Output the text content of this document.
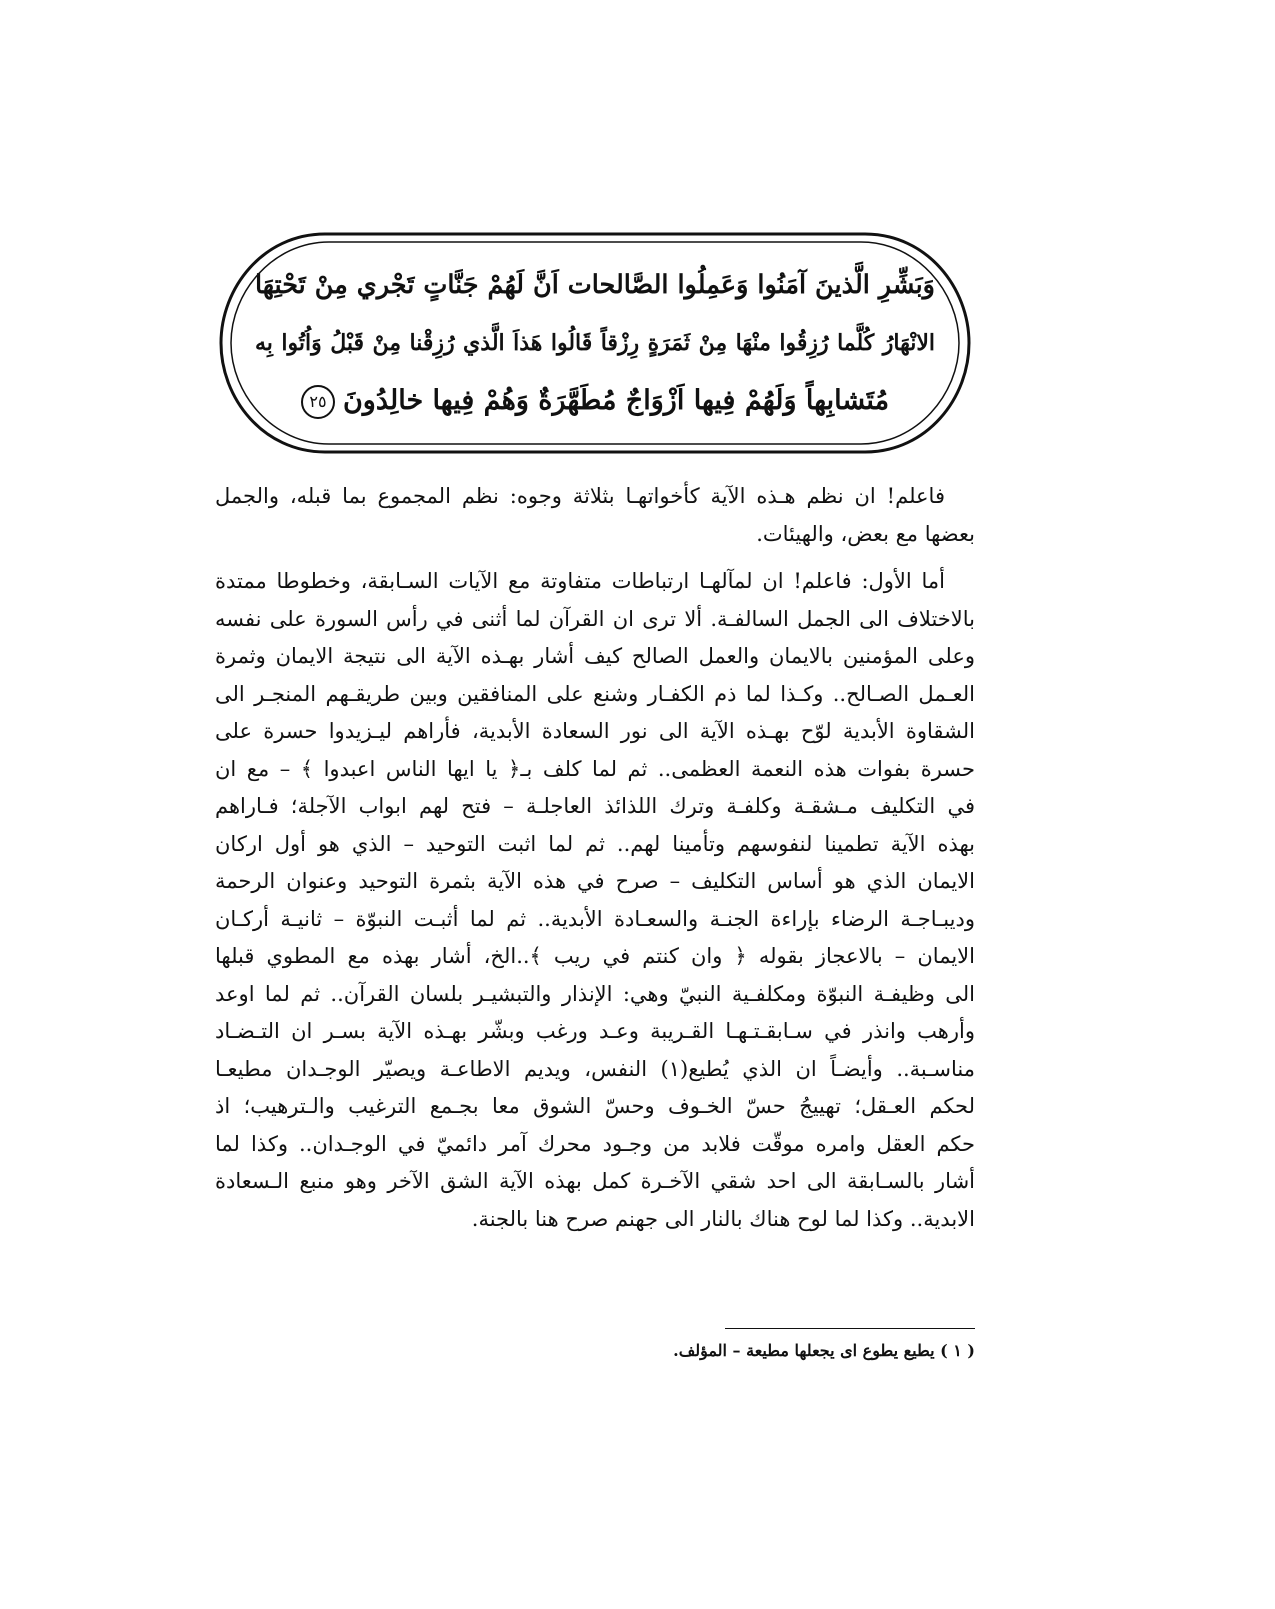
وَبَشِّرِ الَّذينَ آمَنُوا وَعَمِلُوا الصَّالحات اَنَّ لَهُمْ جَنَّاتٍ تَجْري مِنْ تَحْتِهَا
الانْهَارُ كُلَّما رُزِقُوا منْهَا مِنْ ثَمَرَةٍ رِزْقاً قَالُوا هَذاَ الَّذي رُزِقْنا مِنْ قَبْلُ وَاُتُوا بِه
مُتَشابِهاً وَلَهُمْ فِيها اَزْوَاجٌ مُطَهَّرَةٌ وَهُمْ فِيها خالِدُونَ٢٥
فاعلم! ان نظم هـذه الآية كأخواتهـا بثلاثة وجوه: نظم المجموع بما قبله، والجمل
بعضها مع بعض، والهيئات.
أما الأول: فاعلم! ان لمآلهـا ارتباطات متفاوتة مع الآيات السـابقة، وخطوطا ممتدة
بالاختلاف الى الجمل السالفـة. ألا ترى ان القرآن لما أثنى في رأس السورة على نفسه
وعلى المؤمنين بالايمان والعمل الصالح كيف أشار بهـذه الآية الى نتيجة الايمان وثمرة
العـمل الصـالح.. وكـذا لما ذم الكفـار وشنع على المنافقين وبين طريقـهم المنجـر الى
الشقاوة الأبدية لوّح بهـذه الآية الى نور السعادة الأبدية، فأراهم ليـزيدوا حسرة على
حسرة بفوات هذه النعمة العظمى.. ثم لما كلف بـ﴿ يا ايها الناس اعبدوا ﴾ – مع ان
في التكليف مـشقـة وكلفـة وترك اللذائذ العاجلـة – فتح لهم ابواب الآجلة؛ فـاراهم
بهذه الآية تطمينا لنفوسهم وتأمينا لهم.. ثم لما اثبت التوحيد – الذي هو أول اركان
الايمان الذي هو أساس التكليف – صرح في هذه الآية بثمرة التوحيد وعنوان الرحمة
وديبـاجـة الرضاء بإراءة الجنـة والسعـادة الأبدية.. ثم لما أثبـت النبوّة – ثانيـة أركـان
الايمان – بالاعجاز بقوله ﴿ وان كنتم في ريب ﴾..الخ، أشار بهذه مع المطوي قبلها
الى وظيفـة النبوّة ومكلفـية النبيّ وهي: الإنذار والتبشيـر بلسان القرآن.. ثم لما اوعد
وأرهب وانذر في سـابقـتـهـا القـريبة وعـد ورغب وبشّر بهـذه الآية بسـر ان التـضـاد
مناسـبة.. وأيضـاً ان الذي يُطيع(١) النفس، ويديم الاطاعـة ويصيّر الوجـدان مطيعـا
لحكم العـقل؛ تهييجُ حسّ الخـوف وحسّ الشوق معا بجـمع الترغيب والـترهيب؛ اذ
حكم العقل وامره موقّت فلابد من وجـود محرك آمر دائميّ في الوجـدان.. وكذا لما
أشار بالسـابقة الى احد شقي الآخـرة كمل بهذه الآية الشق الآخر وهو منبع الـسعادة
الابدية.. وكذا لما لوح هناك بالنار الى جهنم صرح هنا بالجنة.
( ١ ) يطيع يطوع اى يجعلها مطيعة – المؤلف.
